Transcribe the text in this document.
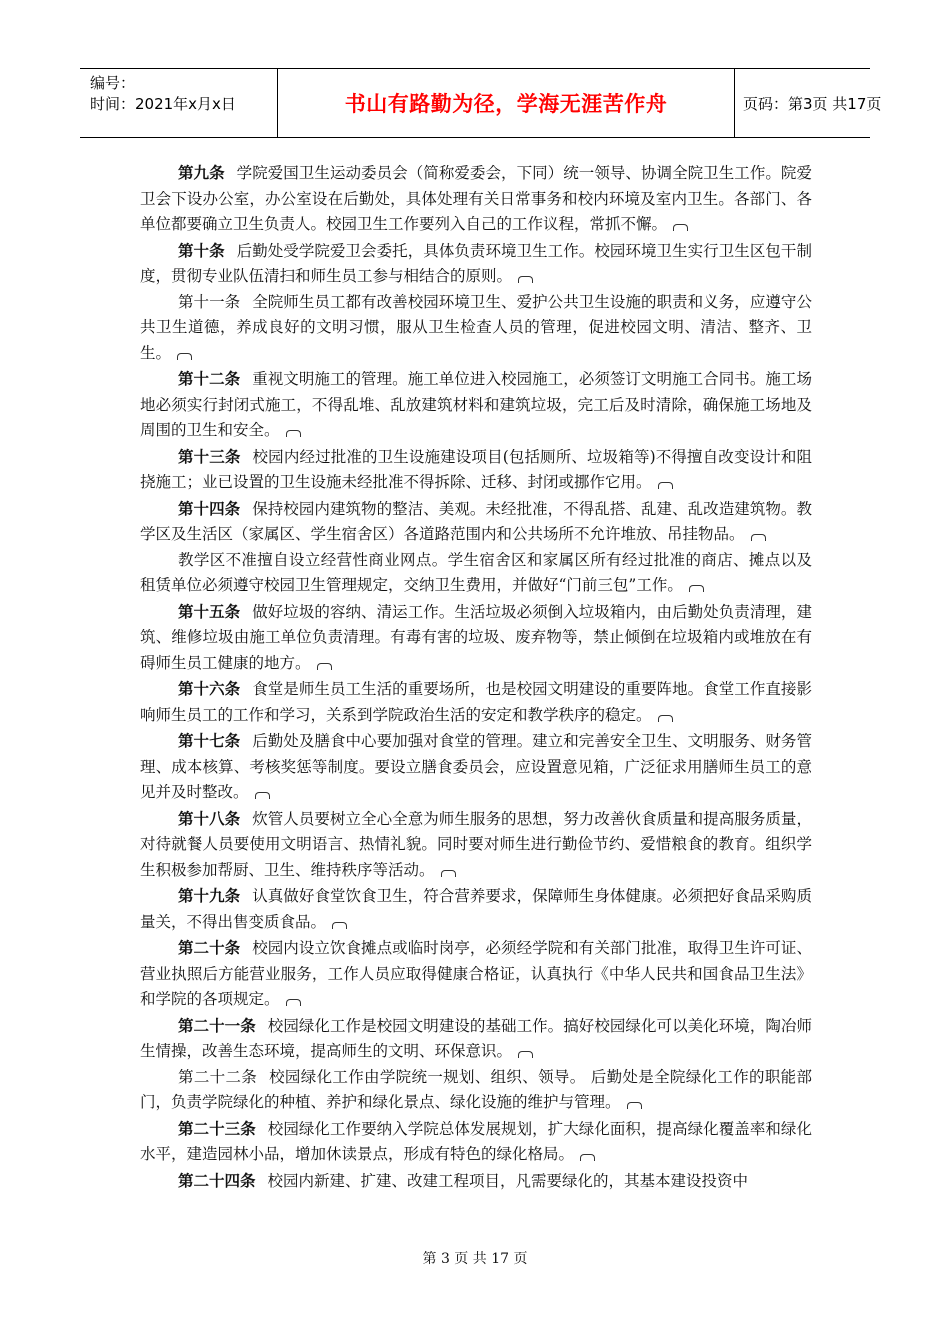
编号：
时间：2021年x月x日	书山有路勤为径，学海无涯苦作舟	页码：第3页 共17页

第九条 学院爱国卫生运动委员会（简称爱委会，下同）统一领导、协调全院卫生工作。院爱卫会下设办公室，办公室设在后勤处，具体处理有关日常事务和校内环境及室内卫生。各部门、各单位都要确立卫生负责人。校园卫生工作要列入自己的工作议程，常抓不懈。

第十条 后勤处受学院爱卫会委托，具体负责环境卫生工作。校园环境卫生实行卫生区包干制度，贯彻专业队伍清扫和师生员工参与相结合的原则。

第十一条 全院师生员工都有改善校园环境卫生、爱护公共卫生设施的职责和义务，应遵守公共卫生道德，养成良好的文明习惯，服从卫生检查人员的管理，促进校园文明、清洁、整齐、卫生。

第十二条 重视文明施工的管理。施工单位进入校园施工，必须签订文明施工合同书。施工场地必须实行封闭式施工，不得乱堆、乱放建筑材料和建筑垃圾，完工后及时清除，确保施工场地及周围的卫生和安全。

第十三条 校园内经过批准的卫生设施建设项目(包括厕所、垃圾箱等)不得擅自改变设计和阻挠施工；业已设置的卫生设施未经批准不得拆除、迁移、封闭或挪作它用。

第十四条 保持校园内建筑物的整洁、美观。未经批准，不得乱搭、乱建、乱改造建筑物。教学区及生活区（家属区、学生宿舍区）各道路范围内和公共场所不允许堆放、吊挂物品。

教学区不准擅自设立经营性商业网点。学生宿舍区和家属区所有经过批准的商店、摊点以及租赁单位必须遵守校园卫生管理规定，交纳卫生费用，并做好“门前三包”工作。

第十五条 做好垃圾的容纳、清运工作。生活垃圾必须倒入垃圾箱内，由后勤处负责清理，建筑、维修垃圾由施工单位负责清理。有毒有害的垃圾、废弃物等，禁止倾倒在垃圾箱内或堆放在有碍师生员工健康的地方。

第十六条 食堂是师生员工生活的重要场所，也是校园文明建设的重要阵地。食堂工作直接影响师生员工的工作和学习，关系到学院政治生活的安定和教学秩序的稳定。

第十七条 后勤处及膳食中心要加强对食堂的管理。建立和完善安全卫生、文明服务、财务管理、成本核算、考核奖惩等制度。要设立膳食委员会，应设置意见箱，广泛征求用膳师生员工的意见并及时整改。

第十八条 炊管人员要树立全心全意为师生服务的思想，努力改善伙食质量和提高服务质量，对待就餐人员要使用文明语言、热情礼貌。同时要对师生进行勤俭节约、爱惜粮食的教育。组织学生积极参加帮厨、卫生、维持秩序等活动。

第十九条 认真做好食堂饮食卫生，符合营养要求，保障师生身体健康。必须把好食品采购质量关，不得出售变质食品。

第二十条 校园内设立饮食摊点或临时岗亭，必须经学院和有关部门批准，取得卫生许可证、营业执照后方能营业服务，工作人员应取得健康合格证，认真执行《中华人民共和国食品卫生法》和学院的各项规定。

第二十一条 校园绿化工作是校园文明建设的基础工作。搞好校园绿化可以美化环境，陶冶师生情操，改善生态环境，提高师生的文明、环保意识。

第二十二条 校园绿化工作由学院统一规划、组织、领导。 后勤处是全院绿化工作的职能部门，负责学院绿化的种植、养护和绿化景点、绿化设施的维护与管理。

第二十三条 校园绿化工作要纳入学院总体发展规划，扩大绿化面积，提高绿化覆盖率和绿化水平，建造园林小品，增加休读景点，形成有特色的绿化格局。

第二十四条 校园内新建、扩建、改建工程项目，凡需要绿化的，其基本建设投资中

第 3 页 共 17 页
